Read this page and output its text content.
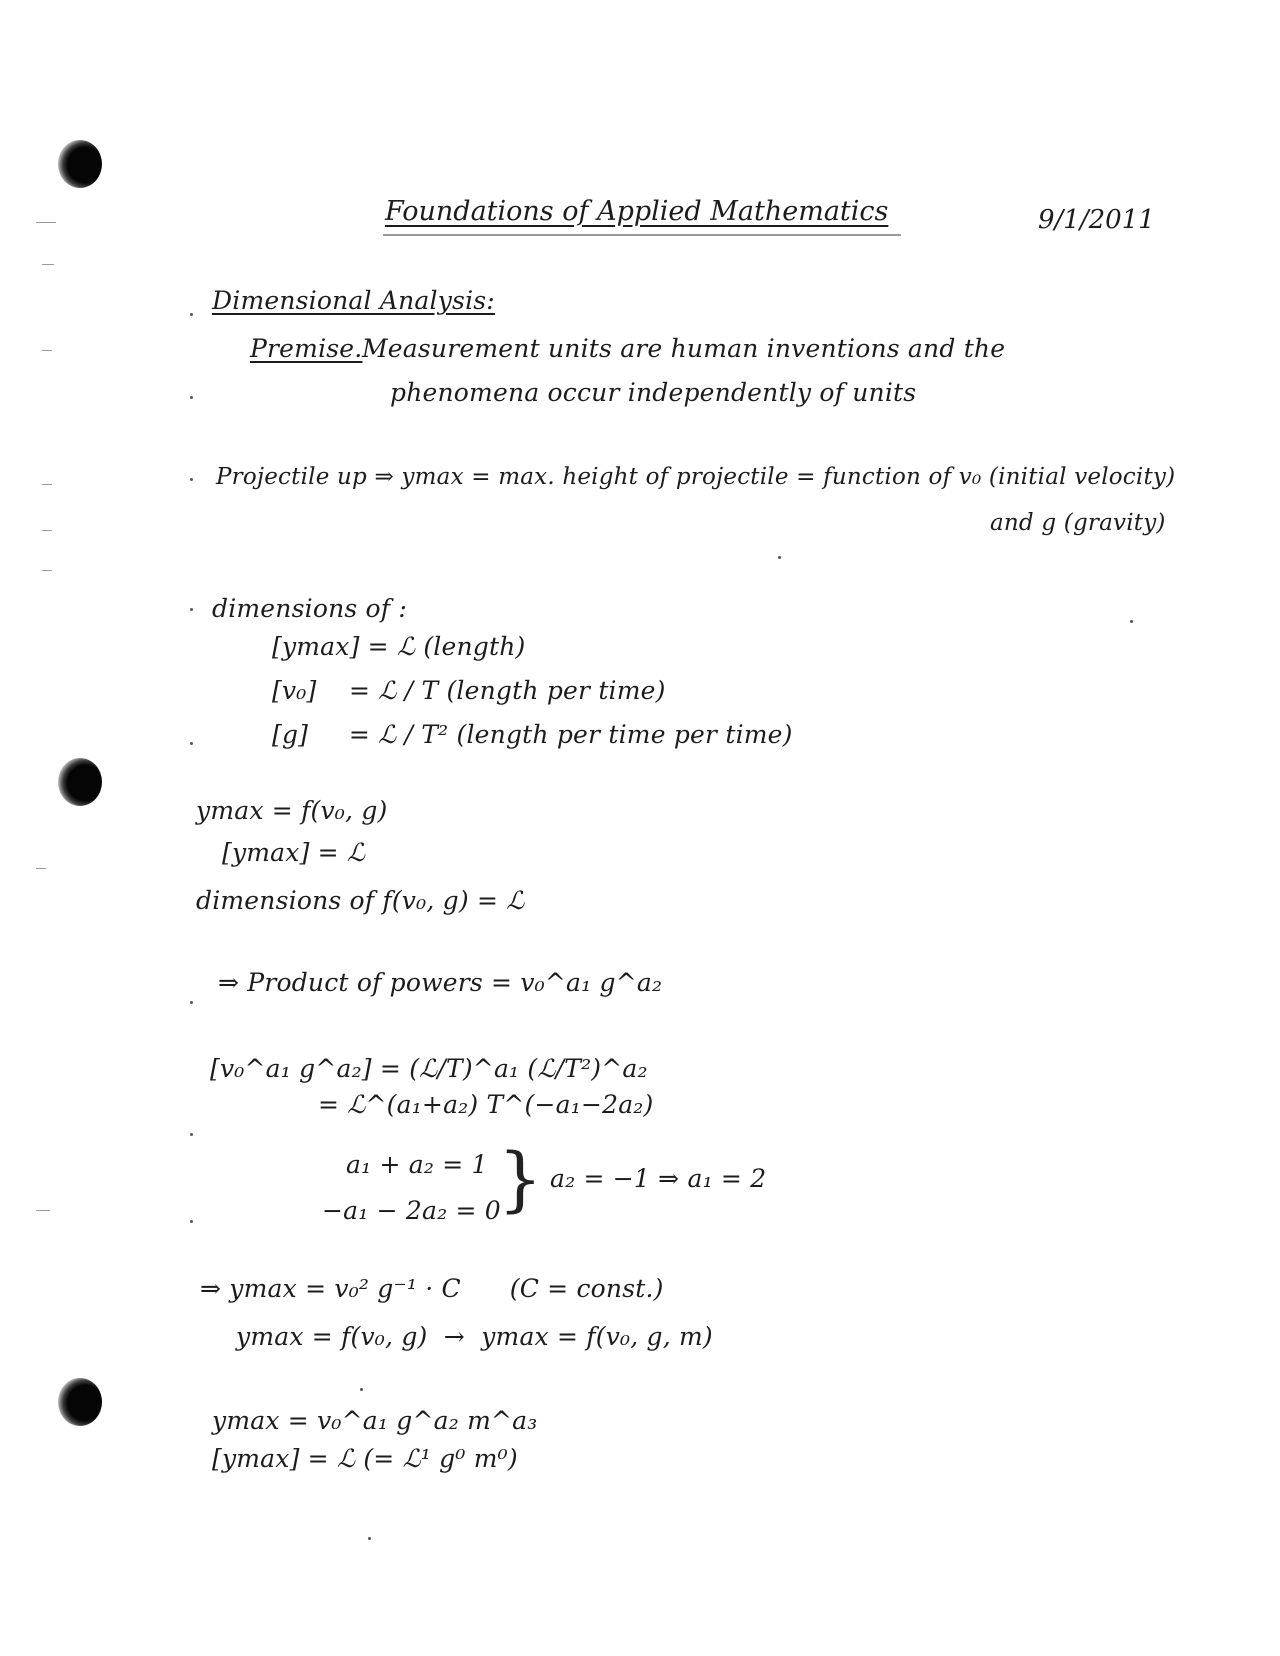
Foundations of Applied Mathematics	9/1/2011
Dimensional Analysis:
Premise. Measurement units are human inventions and the
phenomena occur independently of units
Projectile up ⇒ ymax = max. height of projectile = function of v₀ (initial velocity)
and g (gravity)
dimensions of :
[ymax] = ℒ (length)
[v₀]    = ℒ / T (length per time)
[g]     = ℒ / T² (length per time per time)
ymax = f(v₀, g)
[ymax] = ℒ
dimensions of f(v₀, g) = ℒ
⇒ Product of powers = v₀^a₁ g^a₂
[v₀^a₁ g^a₂] = (ℒ/T)^a₁ (ℒ/T²)^a₂
= ℒ^(a₁+a₂) T^(−a₁−2a₂)
a₁ + a₂ = 1
−a₁ − 2a₂ = 0
} a₂ = −1 ⇒ a₁ = 2
⇒ ymax = v₀² g⁻¹ · C      (C = const.)
ymax = f(v₀, g)  →  ymax = f(v₀, g, m)
ymax = v₀^a₁ g^a₂ m^a₃
[ymax] = ℒ (= ℒ¹ g⁰ m⁰)
